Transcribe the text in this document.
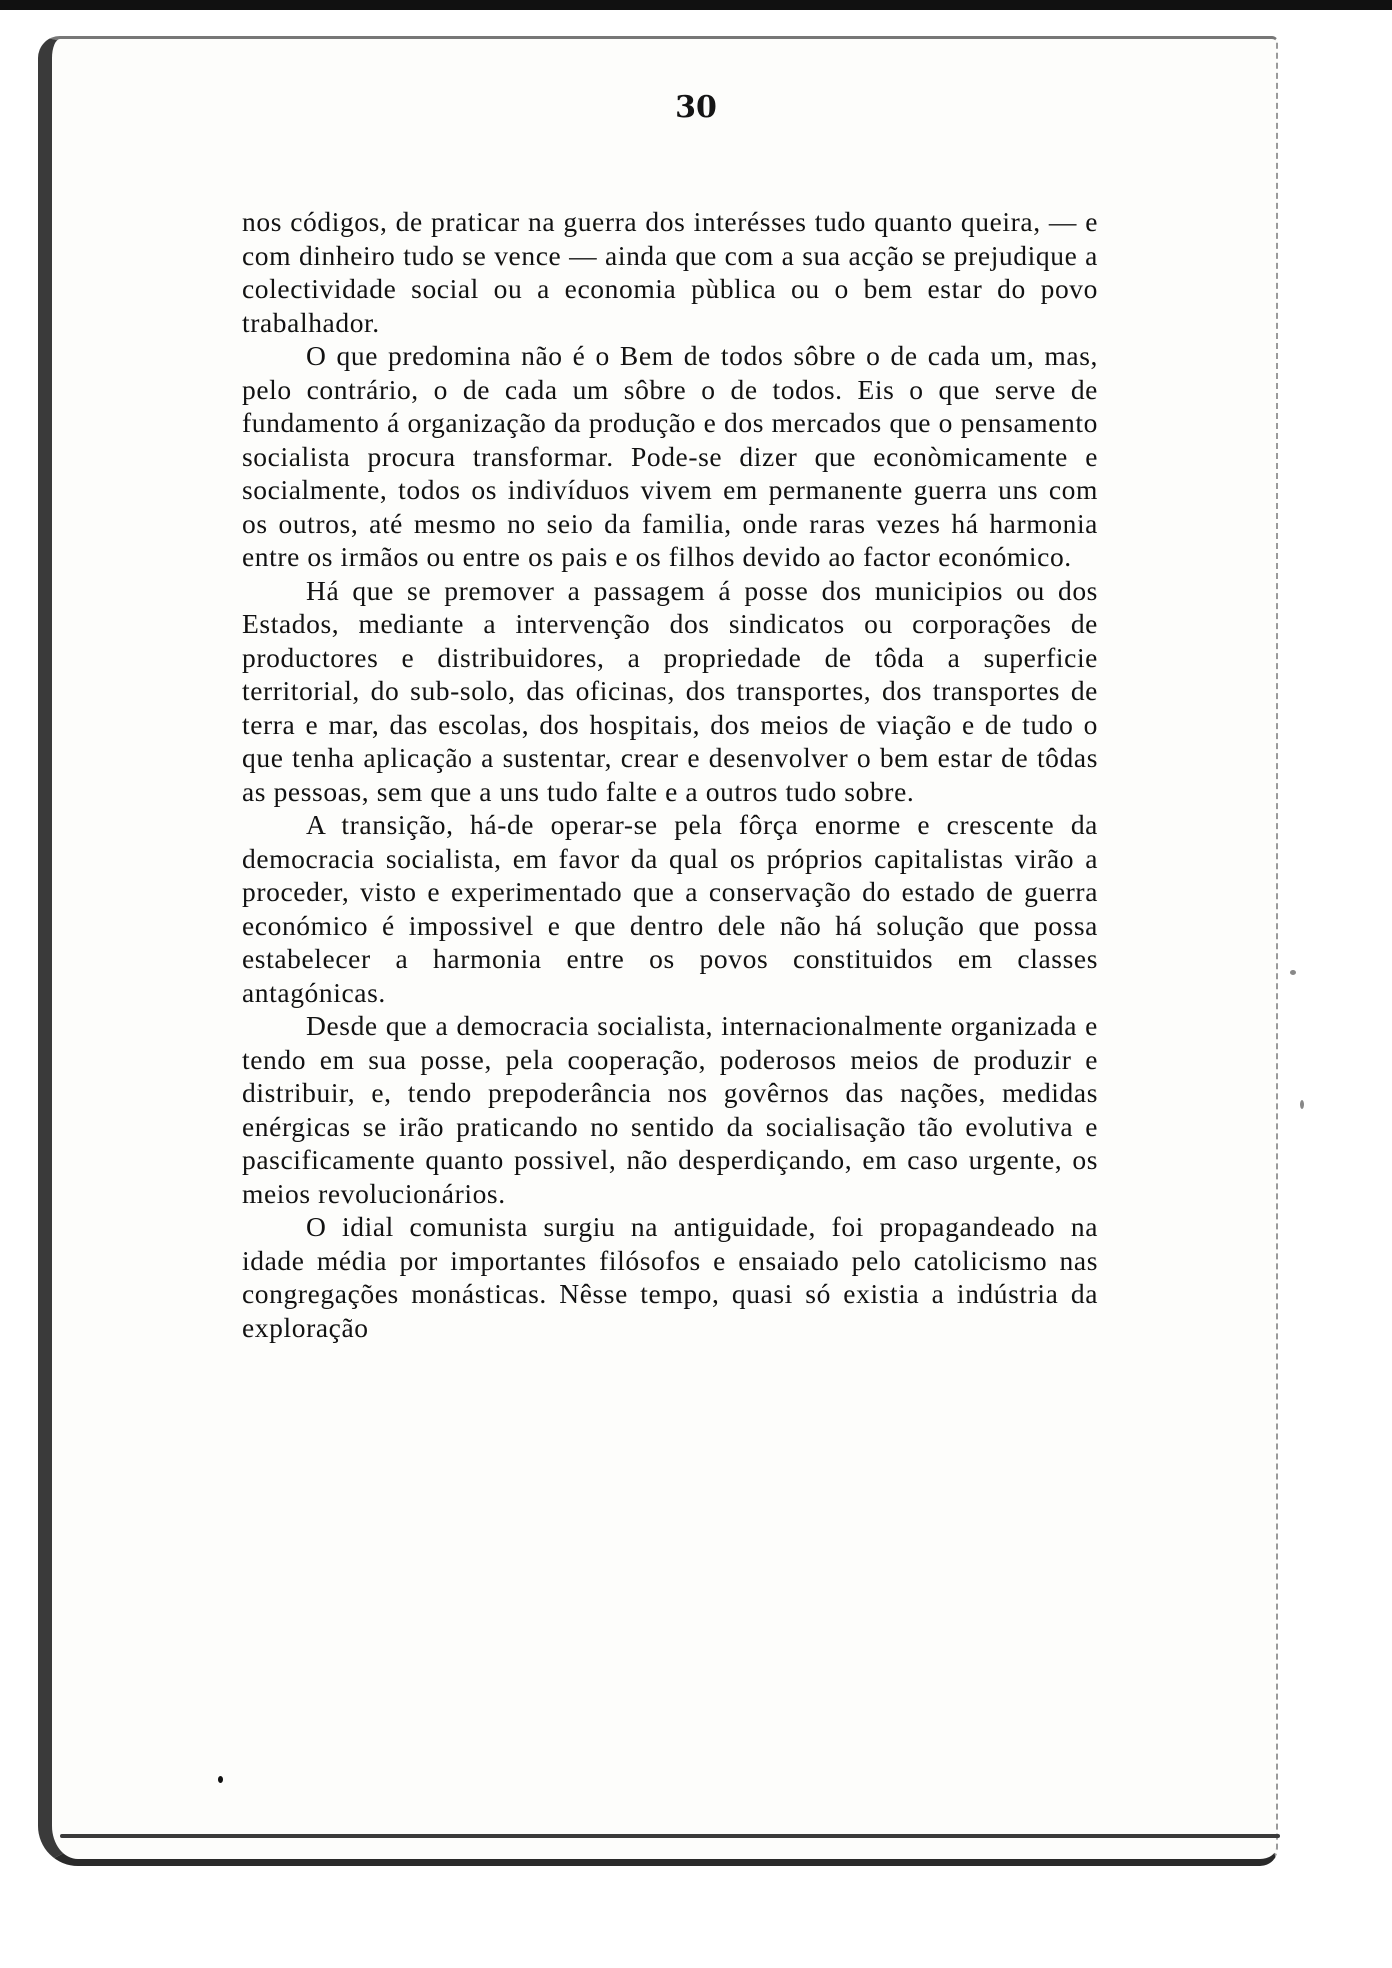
30

nos códigos, de praticar na guerra dos interésses tudo quanto queira, — e com dinheiro tudo se vence — ainda que com a sua acção se prejudique a colectividade social ou a economia pùblica ou o bem estar do povo trabalhador.

O que predomina não é o Bem de todos sôbre o de cada um, mas, pelo contrário, o de cada um sôbre o de todos. Eis o que serve de fundamento á organização da produção e dos mercados que o pensamento socialista procura transformar. Pode-se dizer que econòmicamente e socialmente, todos os indivíduos vivem em permanente guerra uns com os outros, até mesmo no seio da familia, onde raras vezes há harmonia entre os irmãos ou entre os pais e os filhos devido ao factor económico.

Há que se premover a passagem á posse dos municipios ou dos Estados, mediante a intervenção dos sindicatos ou corporações de productores e distribuidores, a propriedade de tôda a superficie territorial, do sub-solo, das oficinas, dos transportes, dos transportes de terra e mar, das escolas, dos hospitais, dos meios de viação e de tudo o que tenha aplicação a sustentar, crear e desenvolver o bem estar de tôdas as pessoas, sem que a uns tudo falte e a outros tudo sobre.

A transição, há-de operar-se pela fôrça enorme e crescente da democracia socialista, em favor da qual os próprios capitalistas virão a proceder, visto e experimentado que a conservação do estado de guerra económico é impossivel e que dentro dele não há solução que possa estabelecer a harmonia entre os povos constituidos em classes antagónicas.

Desde que a democracia socialista, internacionalmente organizada e tendo em sua posse, pela cooperação, poderosos meios de produzir e distribuir, e, tendo prepoderância nos govêrnos das nações, medidas enérgicas se irão praticando no sentido da socialisação tão evolutiva e pascificamente quanto possivel, não desperdiçando, em caso urgente, os meios revolucionários.

O idial comunista surgiu na antiguidade, foi propagandeado na idade média por importantes filósofos e ensaiado pelo catolicismo nas congregações monásticas. Nêsse tempo, quasi só existia a indústria da exploração
